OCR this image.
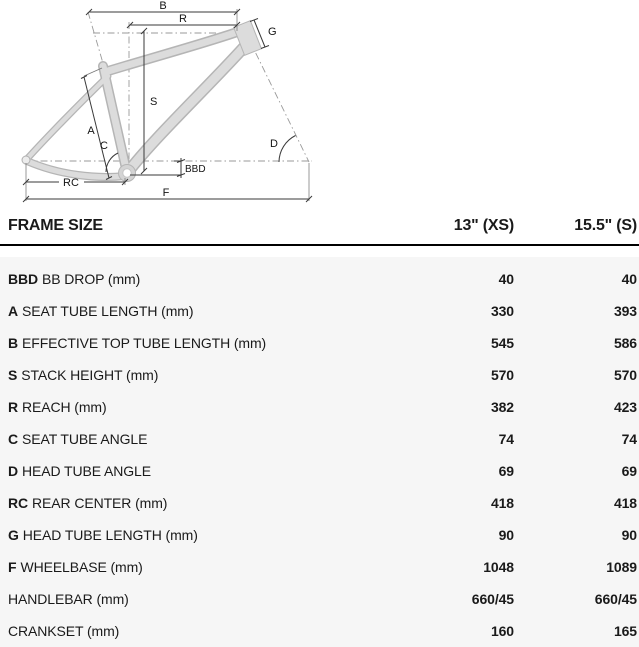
B
R
G
S
A
C	D
BBD
RC
F
FRAME SIZE	13" (XS)	15.5" (S)
BBD BB DROP (mm)	40	40
A SEAT TUBE LENGTH (mm)	330	393
B EFFECTIVE TOP TUBE LENGTH (mm)	545	586
S STACK HEIGHT (mm)	570	570
R REACH (mm)	382	423
C SEAT TUBE ANGLE	74	74
D HEAD TUBE ANGLE	69	69
RC REAR CENTER (mm)	418	418
G HEAD TUBE LENGTH (mm)	90	90
F WHEELBASE (mm)	1048	1089
HANDLEBAR (mm)	660/45	660/45
CRANKSET (mm)	160	165
